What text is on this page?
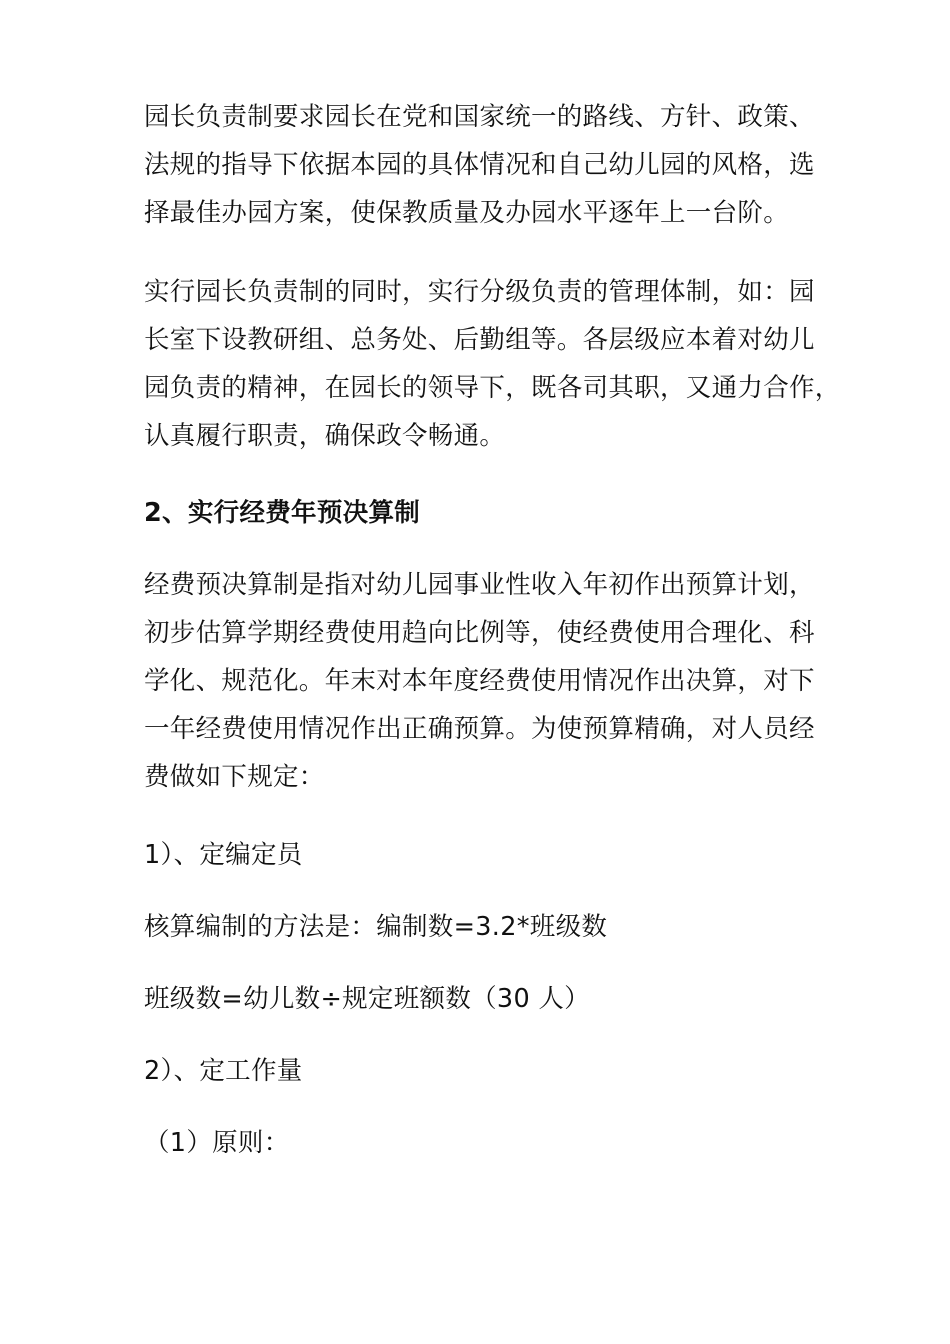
园长负责制要求园长在党和国家统一的路线、方针、政策、
法规的指导下依据本园的具体情况和自己幼儿园的风格，选
择最佳办园方案，使保教质量及办园水平逐年上一台阶。

实行园长负责制的同时，实行分级负责的管理体制，如：园
长室下设教研组、总务处、后勤组等。各层级应本着对幼儿
园负责的精神，在园长的领导下，既各司其职，又通力合作，
认真履行职责，确保政令畅通。

2、实行经费年预决算制

经费预决算制是指对幼儿园事业性收入年初作出预算计划，
初步估算学期经费使用趋向比例等，使经费使用合理化、科
学化、规范化。年末对本年度经费使用情况作出决算，对下
一年经费使用情况作出正确预算。为使预算精确，对人员经
费做如下规定：

1）、定编定员

核算编制的方法是：编制数=3.2*班级数

班级数=幼儿数÷规定班额数（30 人）

2）、定工作量

（1）原则：
